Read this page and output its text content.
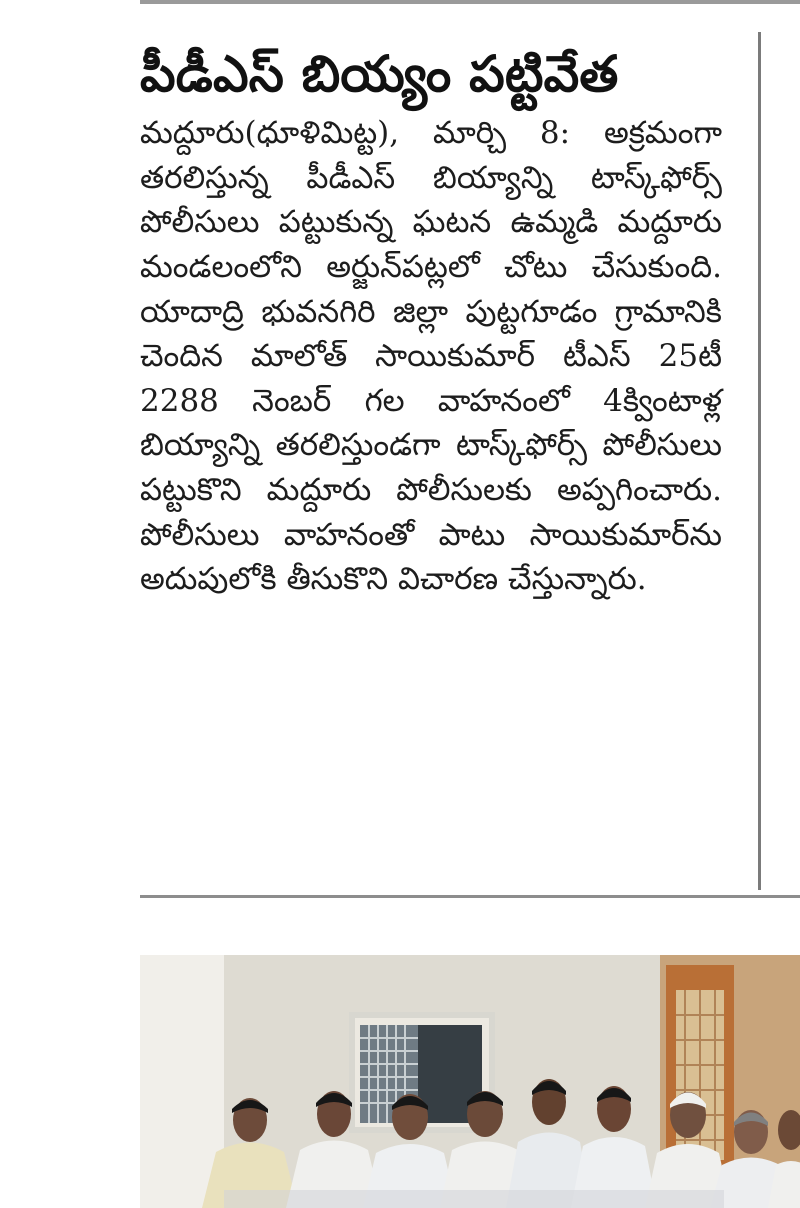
పీడీఎస్‌ బియ్యం పట్టివేత

మద్దూరు(ధూళిమిట్ట), మార్చి 8: అక్రమంగా తరలిస్తున్న పీడీఎస్‌ బియ్యాన్ని టాస్క్‌ఫోర్స్‌ పోలీసులు పట్టుకున్న ఘటన ఉమ్మడి మద్దూరు మండలంలోని అర్జున్‌పట్లలో చోటు చేసుకుంది. యాదాద్రి భువనగిరి జిల్లా పుట్టగూడం గ్రామానికి చెందిన మాలోత్‌ సాయికుమార్‌ టీఎస్‌ 25టీ 2288 నెంబర్‌ గల వాహనంలో 4క్వింటాళ్ల బియ్యాన్ని తరలిస్తుండగా టాస్క్‌ఫోర్స్‌ పోలీసులు పట్టుకొని మద్దూరు పోలీసులకు అప్పగించారు. పోలీసులు వాహనంతో పాటు సాయికుమార్‌ను అదుపులోకి తీసుకొని విచారణ చేస్తున్నారు.
